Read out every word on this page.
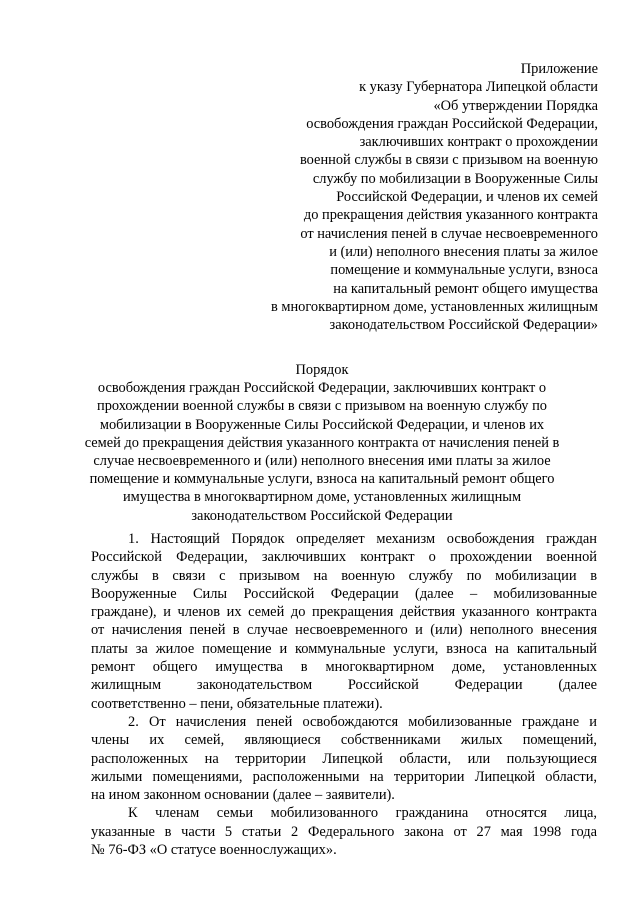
Приложение
к указу Губернатора Липецкой области
«Об утверждении Порядка
освобождения граждан Российской Федерации,
заключивших контракт о прохождении
военной службы в связи с призывом на военную
службу по мобилизации в Вооруженные Силы
Российской Федерации, и членов их семей
до прекращения действия указанного контракта
от начисления пеней в случае несвоевременного
и (или) неполного внесения платы за жилое
помещение и коммунальные услуги, взноса
на капитальный ремонт общего имущества
в многоквартирном доме, установленных жилищным
законодательством Российской Федерации»
Порядок
освобождения граждан Российской Федерации, заключивших контракт о
прохождении военной службы в связи с призывом на военную службу по
мобилизации в Вооруженные Силы Российской Федерации, и членов их
семей до прекращения действия указанного контракта от начисления пеней в
случае несвоевременного и (или) неполного внесения ими платы за жилое
помещение и коммунальные услуги, взноса на капитальный ремонт общего
имущества в многоквартирном доме, установленных жилищным
законодательством Российской Федерации
1. Настоящий Порядок определяет механизм освобождения граждан
Российской Федерации, заключивших контракт о прохождении военной
службы в связи с призывом на военную службу по мобилизации в
Вооруженные Силы Российской Федерации (далее – мобилизованные
граждане), и членов их семей до прекращения действия указанного контракта
от начисления пеней в случае несвоевременного и (или) неполного внесения
платы за жилое помещение и коммунальные услуги, взноса на капитальный
ремонт общего имущества в многоквартирном доме, установленных
жилищным законодательством Российской Федерации (далее
соответственно – пени, обязательные платежи).
2. От начисления пеней освобождаются мобилизованные граждане и
члены их семей, являющиеся собственниками жилых помещений,
расположенных на территории Липецкой области, или пользующиеся
жилыми помещениями, расположенными на территории Липецкой области,
на ином законном основании (далее – заявители).
К членам семьи мобилизованного гражданина относятся лица,
указанные в части 5 статьи 2 Федерального закона от 27 мая 1998 года
№ 76-ФЗ «О статусе военнослужащих».
